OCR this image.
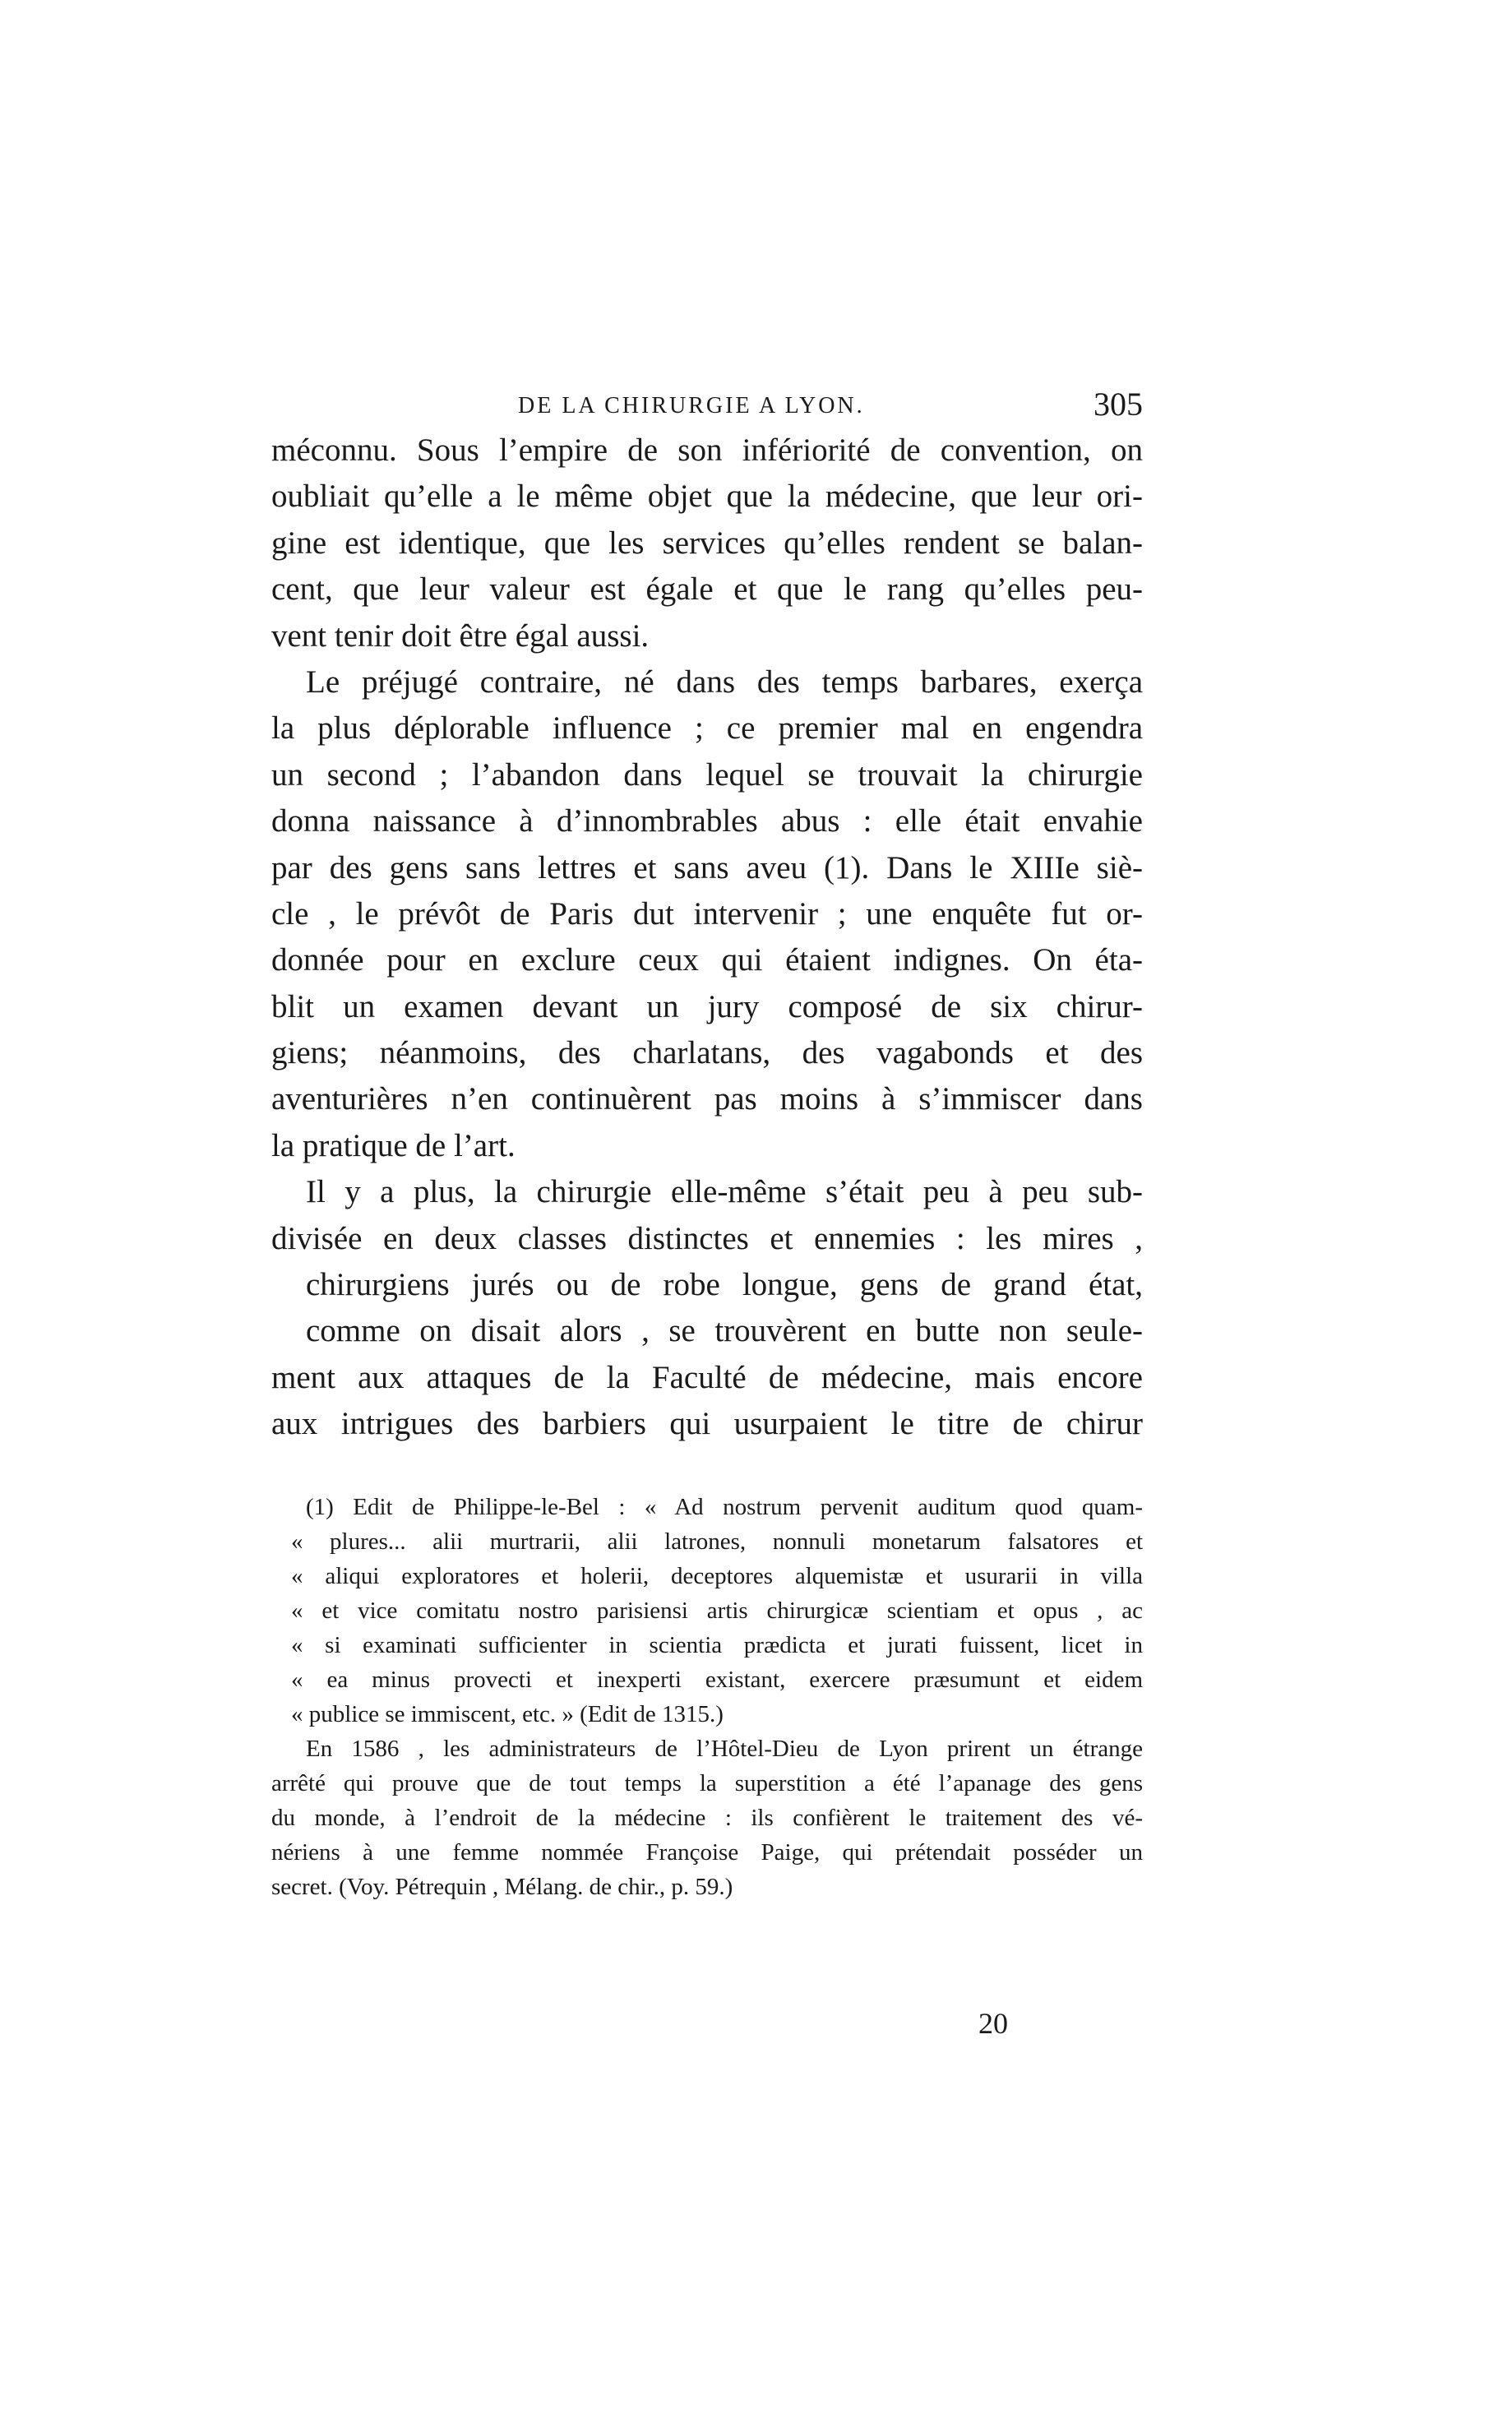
DE LA CHIRURGIE A LYON.	305
méconnu. Sous l’empire de son infériorité de convention, on
oubliait qu’elle a le même objet que la médecine, que leur ori-
gine est identique, que les services qu’elles rendent se balan-
cent, que leur valeur est égale et que le rang qu’elles peu-
vent tenir doit être égal aussi.
Le préjugé contraire, né dans des temps barbares, exerça
la plus déplorable influence ; ce premier mal en engendra
un second ; l’abandon dans lequel se trouvait la chirurgie
donna naissance à d’innombrables abus : elle était envahie
par des gens sans lettres et sans aveu (1). Dans le XIIIe siè-
cle , le prévôt de Paris dut intervenir ; une enquête fut or-
donnée pour en exclure ceux qui étaient indignes. On éta-
blit un examen devant un jury composé de six chirur-
giens; néanmoins, des charlatans, des vagabonds et des
aventurières n’en continuèrent pas moins à s’immiscer dans
la pratique de l’art.
Il y a plus, la chirurgie elle-même s’était peu à peu sub-
divisée en deux classes distinctes et ennemies : les mires ,
chirurgiens jurés ou de robe longue, gens de grand état,
comme on disait alors , se trouvèrent en butte non seule-
ment aux attaques de la Faculté de médecine, mais encore
aux intrigues des barbiers qui usurpaient le titre de chirur
(1) Edit de Philippe-le-Bel : « Ad nostrum pervenit auditum quod quam-
« plures... alii murtrarii, alii latrones, nonnuli monetarum falsatores et
« aliqui exploratores et holerii, deceptores alquemistæ et usurarii in villa
« et vice comitatu nostro parisiensi artis chirurgicæ scientiam et opus , ac
« si examinati sufficienter in scientia prædicta et jurati fuissent, licet in
« ea minus provecti et inexperti existant, exercere præsumunt et eidem
« publice se immiscent, etc. » (Edit de 1315.)
En 1586 , les administrateurs de l’Hôtel-Dieu de Lyon prirent un étrange
arrêté qui prouve que de tout temps la superstition a été l’apanage des gens
du monde, à l’endroit de la médecine : ils confièrent le traitement des vé-
nériens à une femme nommée Françoise Paige, qui prétendait posséder un
secret. (Voy. Pétrequin , Mélang. de chir., p. 59.)
20
